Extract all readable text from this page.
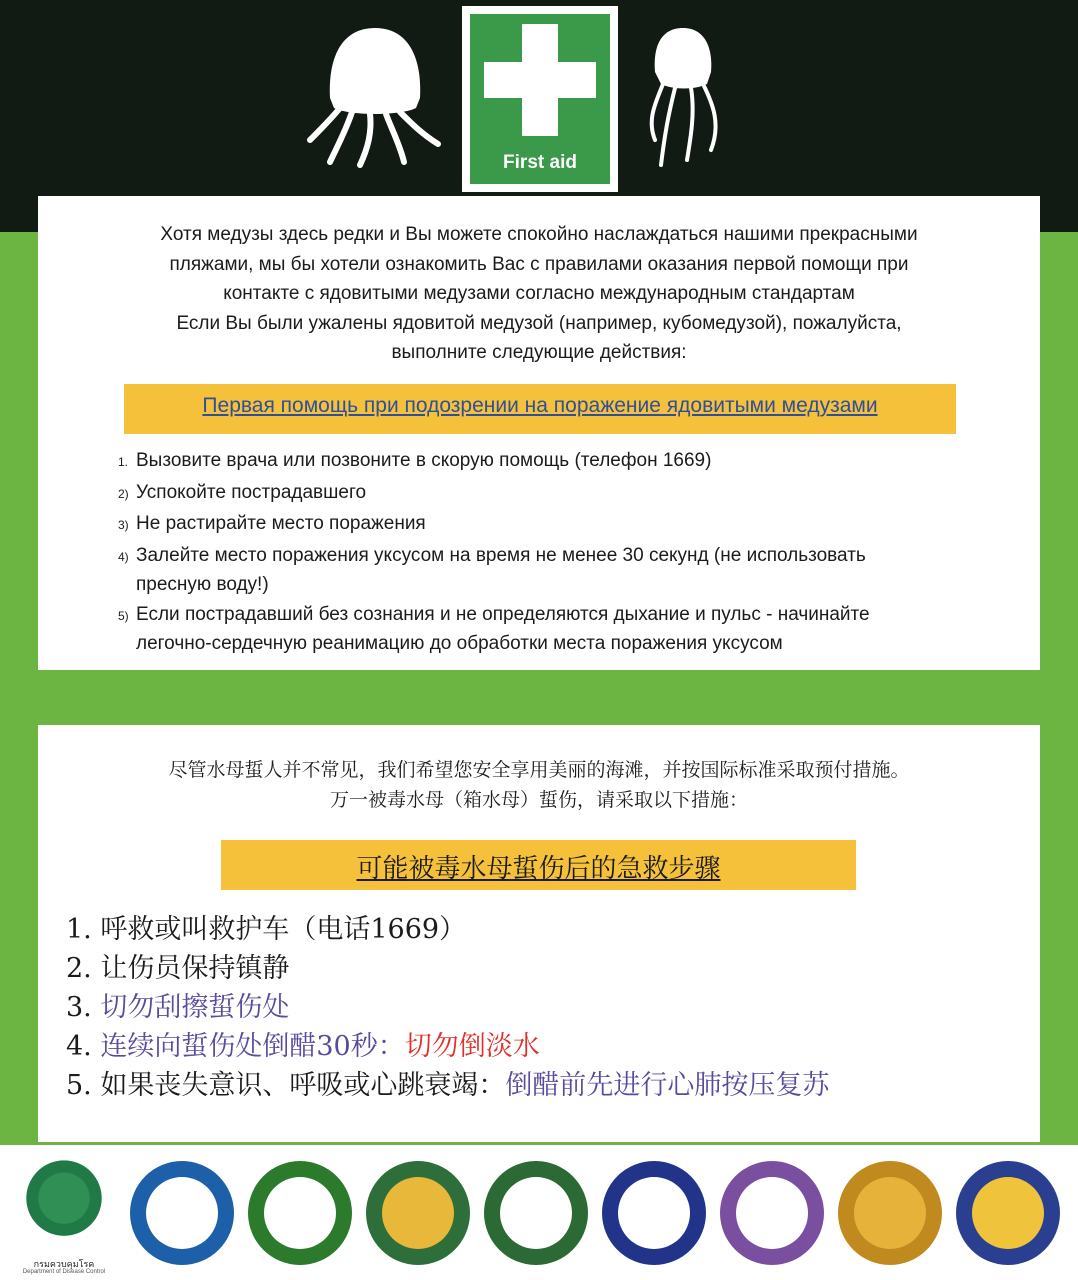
First aid
Хотя медузы здесь редки и Вы можете спокойно наслаждаться нашими прекрасными
пляжами, мы бы хотели ознакомить Вас с правилами оказания первой помощи при
контакте с ядовитыми медузами согласно международным стандартам
Если Вы были ужалены ядовитой медузой (например, кубомедузой), пожалуйста,
выполните следующие действия:
Первая помощь при подозрении на поражение ядовитыми медузами
1. Вызовите врача или позвоните в скорую помощь (телефон 1669)
2) Успокойте пострадавшего
3) Не растирайте место поражения
4) Залейте место поражения уксусом на время не менее 30 секунд (не использовать
пресную воду!)
5) Если пострадавший без сознания и не определяются дыхание и пульс - начинайте
легочно-сердечную реанимацию до обработки места поражения уксусом
尽管水母蜇人并不常见，我们希望您安全享用美丽的海滩，并按国际标准采取预付措施。
万一被毒水母（箱水母）蜇伤，请采取以下措施：
可能被毒水母蜇伤后的急救步骤
1. 呼救或叫救护车（电话1669）
2. 让伤员保持镇静
3. 切勿刮擦蜇伤处
4. 连续向蜇伤处倒醋30秒：切勿倒淡水
5. 如果丧失意识、呼吸或心跳衰竭：倒醋前先进行心肺按压复苏
กรมควบคุมโรค
Department of Disease Control
